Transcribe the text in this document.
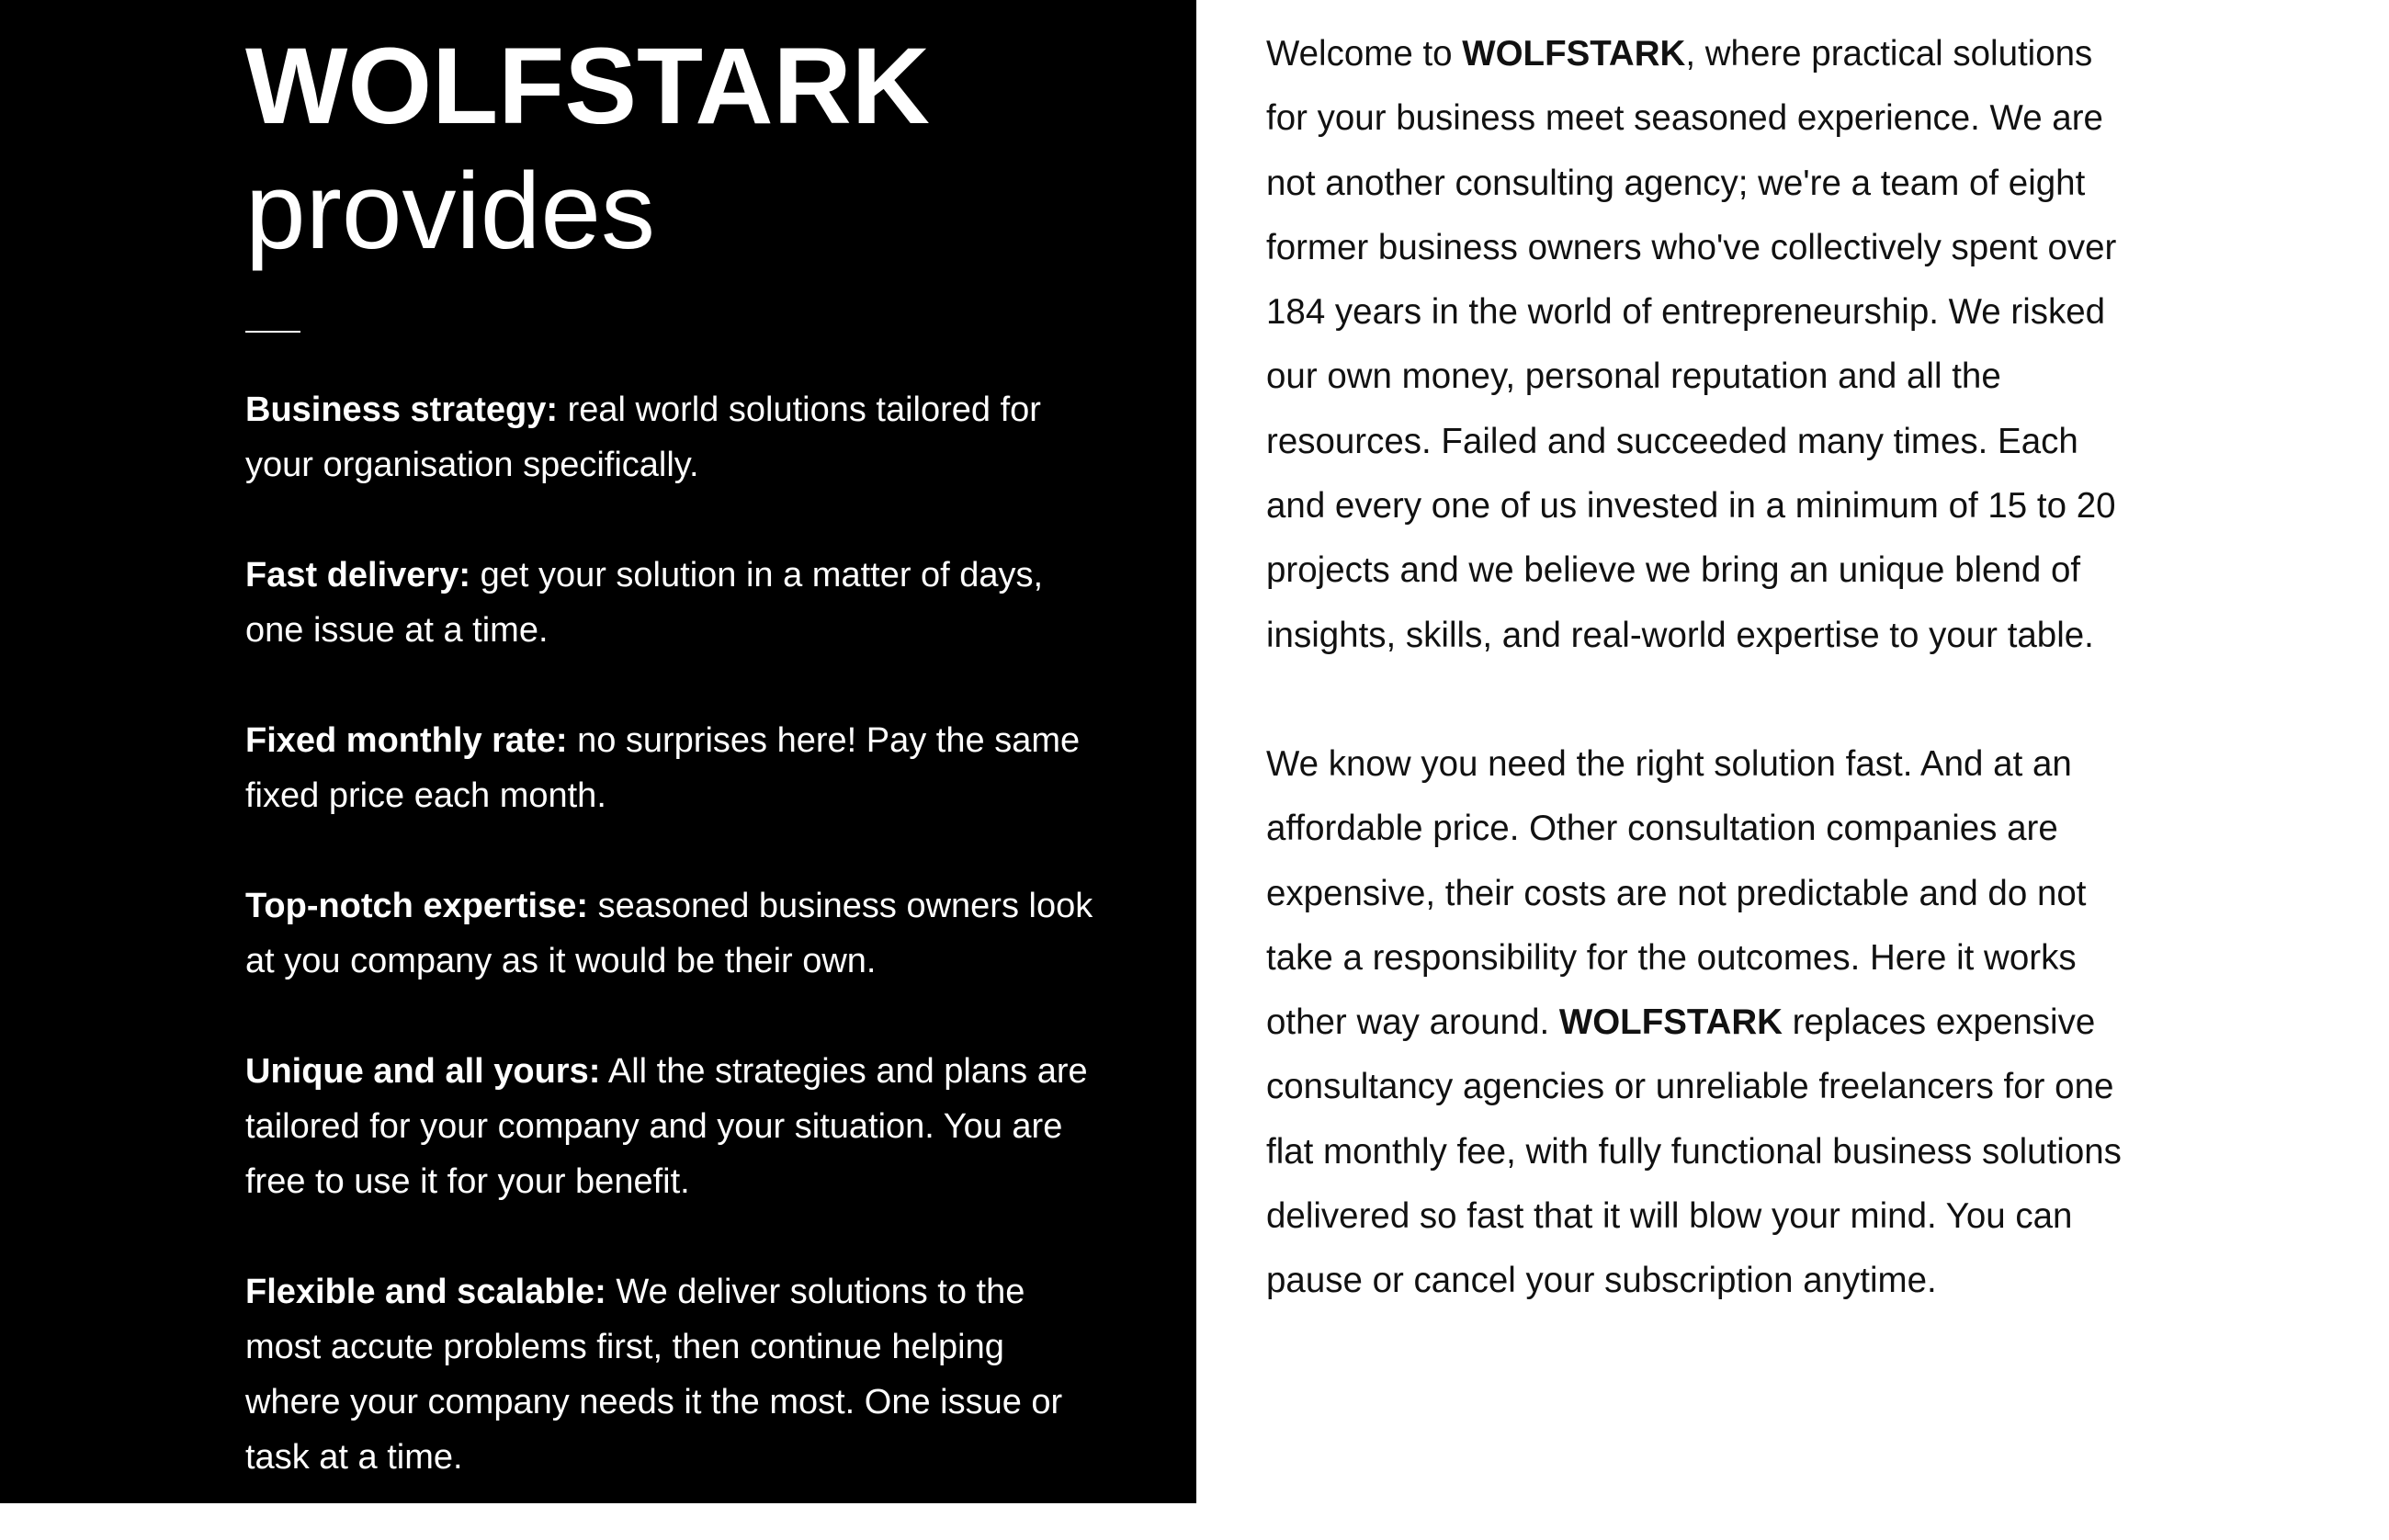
WOLFSTARK
provides
Business strategy: real world solutions tailored for your organisation specifically.
Fast delivery: get your solution in a matter of days, one issue at a time.
Fixed monthly rate: no surprises here! Pay the same fixed price each month.
Top-notch expertise: seasoned business owners look at you company as it would be their own.
Unique and all yours: All the strategies and plans are tailored for your company and your situation. You are free to use it for your benefit.
Flexible and scalable: We deliver solutions to the most accute problems first, then continue helping where your company needs it the most. One issue or task at a time.

Welcome to WOLFSTARK, where practical solutions for your business meet seasoned experience. We are not another consulting agency; we're a team of eight former business owners who've collectively spent over 184 years in the world of entrepreneurship. We risked our own money, personal reputation and all the resources. Failed and succeeded many times. Each and every one of us invested in a minimum of 15 to 20 projects and we believe we bring an unique blend of insights, skills, and real-world expertise to your table.

We know you need the right solution fast. And at an affordable price. Other consultation companies are expensive, their costs are not predictable and do not take a responsibility for the outcomes. Here it works other way around. WOLFSTARK replaces expensive consultancy agencies or unreliable freelancers for one flat monthly fee, with fully functional business solutions delivered so fast that it will blow your mind. You can pause or cancel your subscription anytime.
